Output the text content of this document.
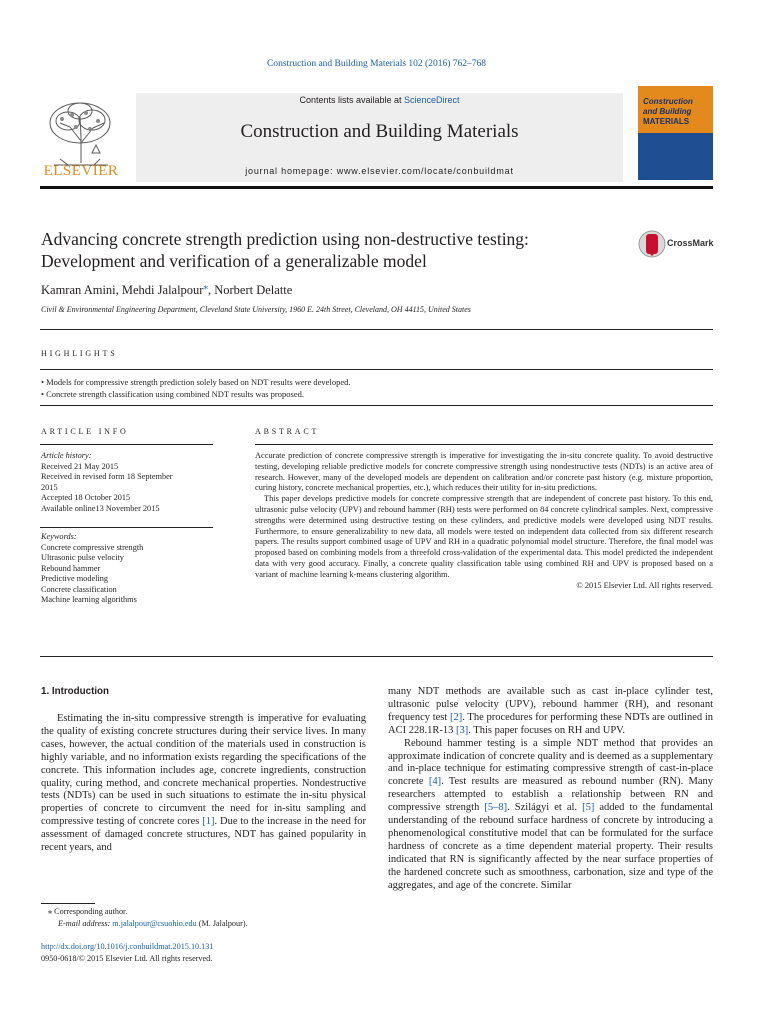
Construction and Building Materials 102 (2016) 762–768
ELSEVIER
Contents lists available at ScienceDirect
Construction and Building Materials
journal homepage: www.elsevier.com/locate/conbuildmat
Construction
and Building
MATERIALS
Advancing concrete strength prediction using non-destructive testing:
Development and verification of a generalizable model
CrossMark
Kamran Amini, Mehdi Jalalpour⁎, Norbert Delatte
Civil & Environmental Engineering Department, Cleveland State University, 1960 E. 24th Street, Cleveland, OH 44115, United States
HIGHLIGHTS
• Models for compressive strength prediction solely based on NDT results were developed.
• Concrete strength classification using combined NDT results was proposed.
ARTICLE INFO
Article history:
Received 21 May 2015
Received in revised form 18 September
2015
Accepted 18 October 2015
Available online13 November 2015
Keywords:
Concrete compressive strength
Ultrasonic pulse velocity
Rebound hammer
Predictive modeling
Concrete classification
Machine learning algorithms
ABSTRACT

Accurate prediction of concrete compressive strength is imperative for investigating the in-situ concrete quality. To avoid destructive testing, developing reliable predictive models for concrete compressive strength using nondestructive tests (NDTs) is an active area of research. However, many of the developed models are dependent on calibration and/or concrete past history (e.g. mixture proportion, curing history, concrete mechanical properties, etc.), which reduces their utility for in-situ predictions.

This paper develops predictive models for concrete compressive strength that are independent of concrete past history. To this end, ultrasonic pulse velocity (UPV) and rebound hammer (RH) tests were performed on 84 concrete cylindrical samples. Next, compressive strengths were determined using destructive testing on these cylinders, and predictive models were developed using NDT results. Furthermore, to ensure generalizability to new data, all models were tested on independent data collected from six different research papers. The results support combined usage of UPV and RH in a quadratic polynomial model structure. Therefore, the final model was proposed based on combining models from a threefold cross-validation of the experimental data. This model predicted the independent data with very good accuracy. Finally, a concrete quality classification table using combined RH and UPV is proposed based on a variant of machine learning k-means clustering algorithm.

© 2015 Elsevier Ltd. All rights reserved.
1. Introduction

Estimating the in-situ compressive strength is imperative for evaluating the quality of existing concrete structures during their service lives. In many cases, however, the actual condition of the materials used in construction is highly variable, and no information exists regarding the specifications of the concrete. This information includes age, concrete ingredients, construction quality, curing method, and concrete mechanical properties. Nondestructive tests (NDTs) can be used in such situations to estimate the in-situ physical properties of concrete to circumvent the need for in-situ sampling and compressive testing of concrete cores [1]. Due to the increase in the need for assessment of damaged concrete structures, NDT has gained popularity in recent years, and

many NDT methods are available such as cast in-place cylinder test, ultrasonic pulse velocity (UPV), rebound hammer (RH), and resonant frequency test [2]. The procedures for performing these NDTs are outlined in ACI 228.1R-13 [3]. This paper focuses on RH and UPV.

Rebound hammer testing is a simple NDT method that provides an approximate indication of concrete quality and is deemed as a supplementary and in-place technique for estimating compressive strength of cast-in-place concrete [4]. Test results are measured as rebound number (RN). Many researchers attempted to establish a relationship between RN and compressive strength [5–8]. Szilágyi et al. [5] added to the fundamental understanding of the rebound surface hardness of concrete by introducing a phenomenological constitutive model that can be formulated for the surface hardness of concrete as a time dependent material property. Their results indicated that RN is significantly affected by the near surface properties of the hardened concrete such as smoothness, carbonation, size and type of the aggregates, and age of the concrete. Similar

⁎ Corresponding author.
E-mail address: m.jalalpour@csuohio.edu (M. Jalalpour).
http://dx.doi.org/10.1016/j.conbuildmat.2015.10.131
0950-0618/© 2015 Elsevier Ltd. All rights reserved.
